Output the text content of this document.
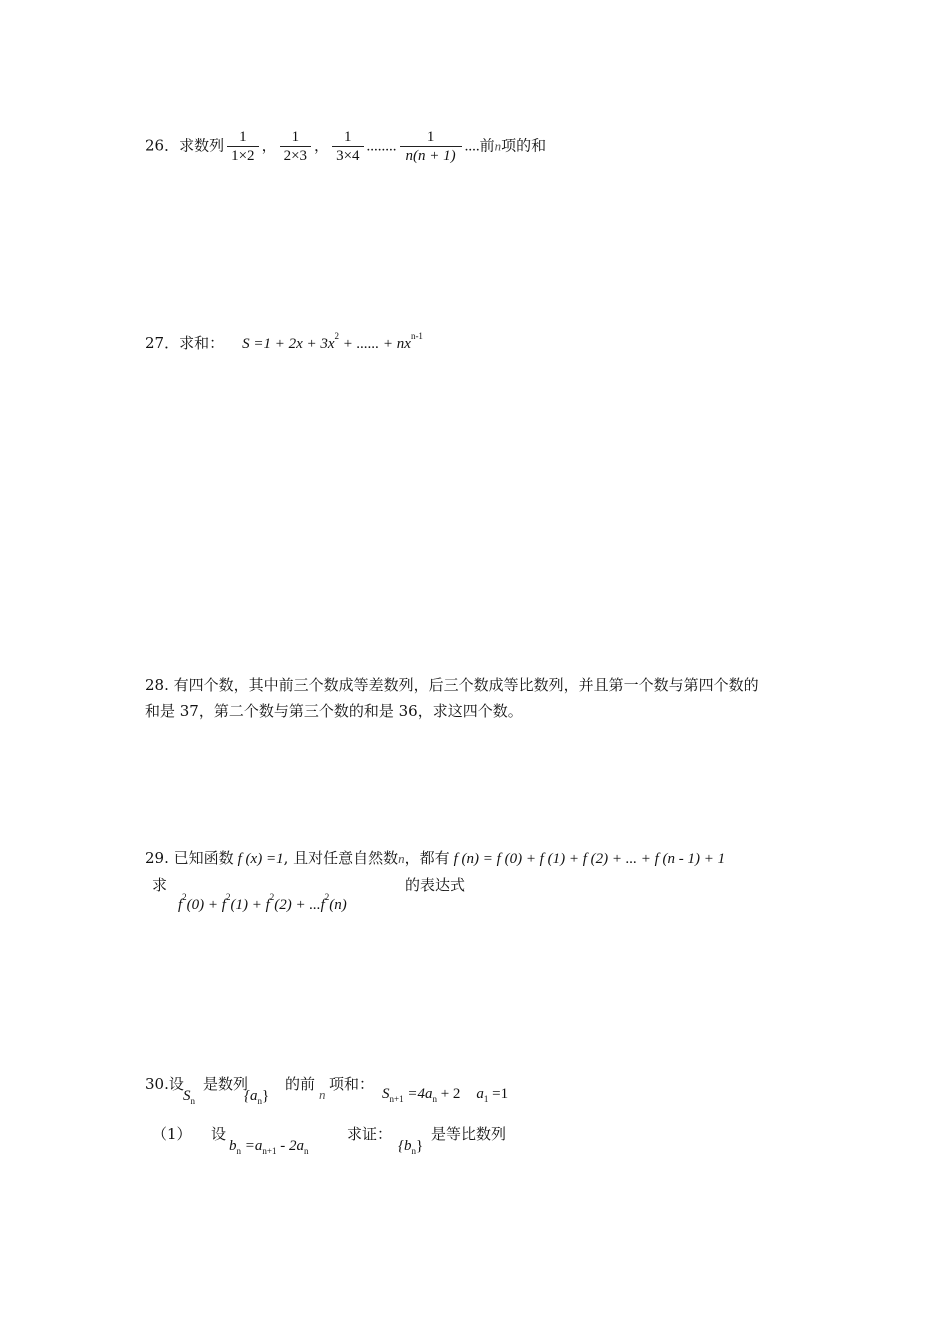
26．求数列 $\frac{1}{1\times 2}$ ， $\frac{1}{2\times 3}$ ， $\frac{1}{3\times 4}$ ........ $\frac{1}{n(n + 1)}$ ....前n项的和
27．求和： $S =1 + 2x + 3x^2$ + ...... + $nx^{n-1}$
28. 有四个数，其中前三个数成等差数列，后三个数成等比数列，并且第一个数与第四个数的
和是 37，第二个数与第三个数的和是 36，求这四个数。
29. 已知函数 f (x) =1, 且对任意自然数n，都有 f (n) = f (0) + f (1) + f (2) + ... + f (n - 1) + 1
求
$f^2(0) + f^2(1) + f^2(2) + ...f^2(n)$
的表达式
30.设
$S_n$
是数列
$\{a_n\}$
的前
n
项和：
$S_{n+1} =4a_n + 2$ $a_1 =1$
（1） 设
$b_n =a_{n+1} - 2a_n$
求证：
$\{b_n\}$
是等比数列
